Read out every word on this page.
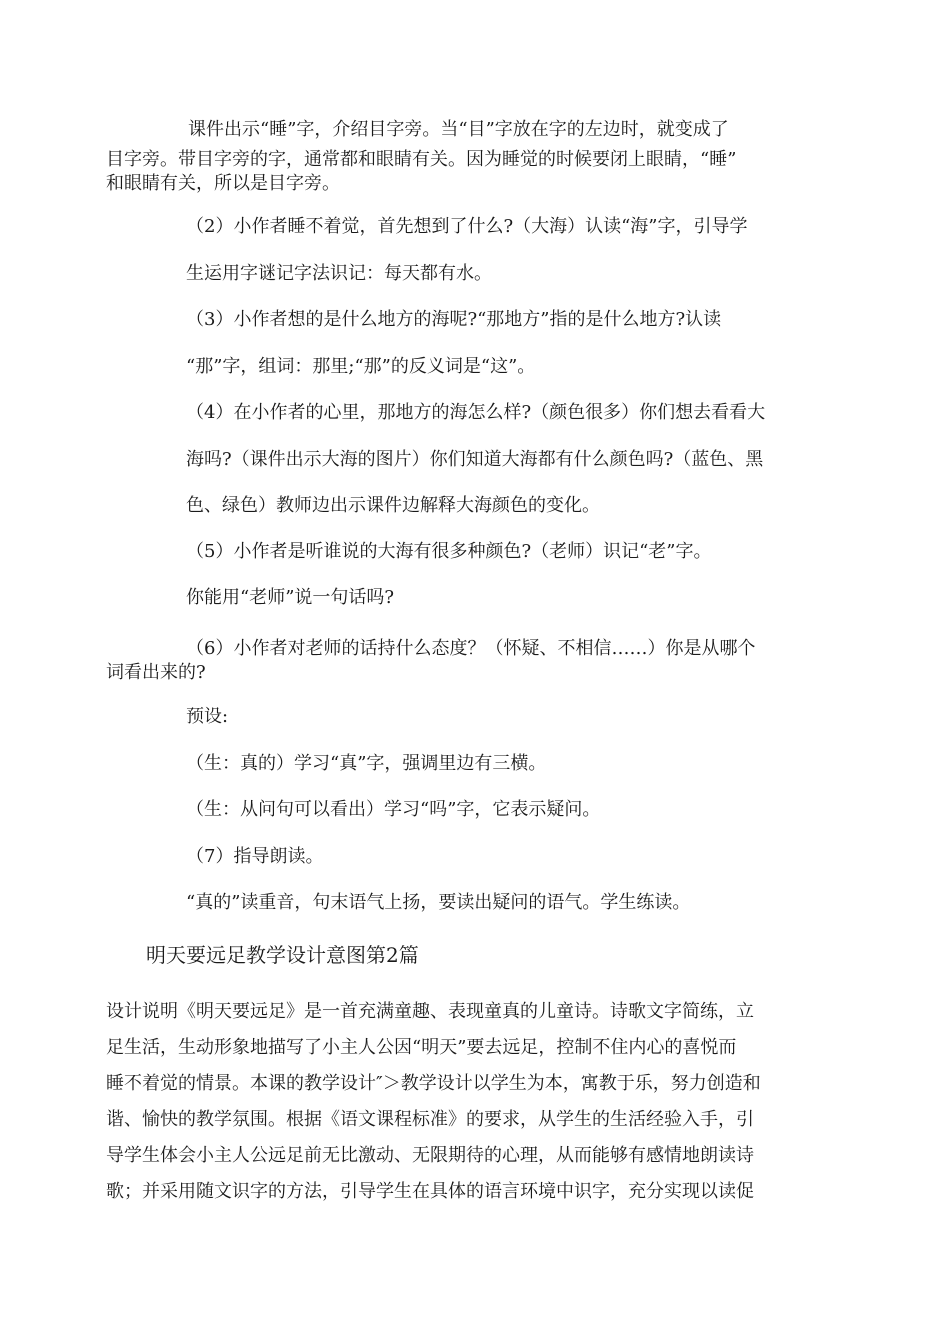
课件出示“睡”字，介绍目字旁。当“目”字放在字的左边时，就变成了

目字旁。带目字旁的字，通常都和眼睛有关。因为睡觉的时候要闭上眼睛，“睡”

和眼睛有关，所以是目字旁。

（2）小作者睡不着觉，首先想到了什么?（大海）认读“海”字，引导学

生运用字谜记字法识记：每天都有水。

（3）小作者想的是什么地方的海呢?“那地方”指的是什么地方?认读

“那”字，组词：那里;“那”的反义词是“这”。

（4）在小作者的心里，那地方的海怎么样?（颜色很多）你们想去看看大

海吗?（课件出示大海的图片）你们知道大海都有什么颜色吗?（蓝色、黑

色、绿色）教师边出示课件边解释大海颜色的变化。

（5）小作者是听谁说的大海有很多种颜色?（老师）识记“老”字。

你能用“老师”说一句话吗?

（6）小作者对老师的话持什么态度？（怀疑、不相信……）你是从哪个

词看出来的?

预设:

（生：真的）学习“真”字，强调里边有三横。

（生：从问句可以看出）学习“吗”字，它表示疑问。

（7）指导朗读。

“真的”读重音，句末语气上扬，要读出疑问的语气。学生练读。

明天要远足教学设计意图第2篇

设计说明《明天要远足》是一首充满童趣、表现童真的儿童诗。诗歌文字简练，立

足生活，生动形象地描写了小主人公因“明天”要去远足，控制不住内心的喜悦而

睡不着觉的情景。本课的教学设计″＞教学设计以学生为本，寓教于乐，努力创造和

谐、愉快的教学氛围。根据《语文课程标准》的要求，从学生的生活经验入手，引

导学生体会小主人公远足前无比激动、无限期待的心理，从而能够有感情地朗读诗

歌；并采用随文识字的方法，引导学生在具体的语言环境中识字，充分实现以读促
